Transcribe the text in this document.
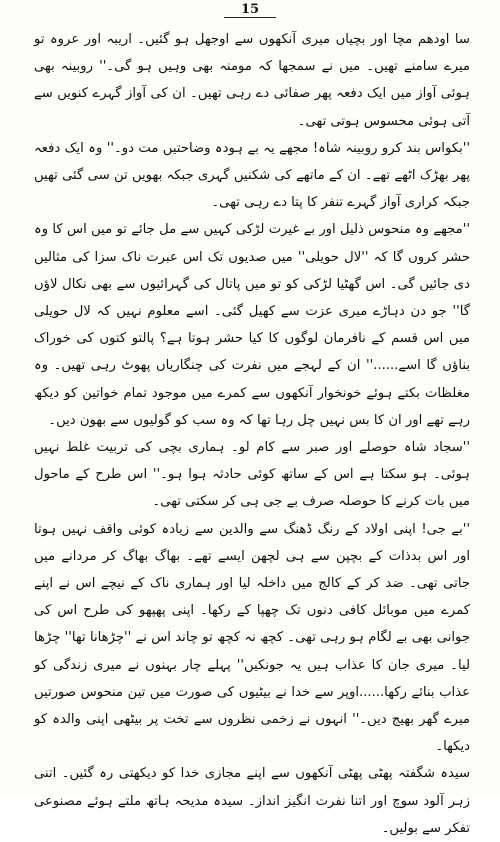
15

سا اودھم مچا اور بچیاں میری آنکھوں سے اوجھل ہو گئیں۔ اریبہ اور عروہ تو میرے سامنے تھیں۔ میں نے سمجھا کہ مومنہ بھی وہیں ہو گی۔'' روبینہ بھی ہوئی آواز میں ایک دفعہ پھر صفائی دے رہی تھیں۔ ان کی آواز گہرے کنویں سے آتی ہوئی محسوس ہوتی تھی۔

''بکواس بند کرو روبینہ شاہ! مجھے یہ بے ہودہ وضاحتیں مت دو۔'' وہ ایک دفعہ پھر بھڑک اٹھے تھے۔ ان کے ماتھے کی شکنیں گہری جبکہ بھویں تن سی گئی تھیں جبکہ کراری آواز گہرے تنفر کا پتا دے رہی تھی۔

''مجھے وہ منحوس ذلیل اور بے غیرت لڑکی کہیں سے مل جائے تو میں اس کا وہ حشر کروں گا کہ ''لال حویلی'' میں صدیوں تک اس عبرت ناک سزا کی مثالیں دی جائیں گی۔ اس گھٹیا لڑکی کو تو میں پاتال کی گہرائیوں سے بھی نکال لاؤں گا'' جو دن دہاڑے میری عزت سے کھیل گئی۔ اسے معلوم نہیں کہ لال حویلی میں اس قسم کے نافرمان لوگوں کا کیا حشر ہوتا ہے؟ پالتو کتوں کی خوراک بناؤں گا اسے......'' ان کے لہجے میں نفرت کی چنگاریاں پھوٹ رہی تھیں۔ وہ مغلظات بکتے ہوئے خونخوار آنکھوں سے کمرے میں موجود تمام خواتین کو دیکھ رہے تھے اور ان کا بس نہیں چل رہا تھا کہ وہ سب کو گولیوں سے بھون دیں۔

''سجاد شاہ حوصلے اور صبر سے کام لو۔ ہماری بچی کی تربیت غلط نہیں ہوئی۔ ہو سکتا ہے اس کے ساتھ کوئی حادثہ ہوا ہو۔'' اس طرح کے ماحول میں بات کرنے کا حوصلہ صرف بے جی ہی کر سکتی تھی۔

''بے جی! اپنی اولاد کے رنگ ڈھنگ سے والدین سے زیادہ کوئی واقف نہیں ہوتا اور اس بدذات کے بچپن سے ہی لچھن ایسے تھے۔ بھاگ بھاگ کر مردانے میں جاتی تھی۔ ضد کر کے کالج میں داخلہ لیا اور ہماری ناک کے نیچے اس نے اپنے کمرے میں موبائل کافی دنوں تک چھپا کے رکھا۔ اپنی پھپھو کی طرح اس کی جوانی بھی بے لگام ہو رہی تھی۔ کچھ نہ کچھ تو چاند اس نے ''چڑھانا تھا'' چڑھا لیا۔ میری جان کا عذاب ہیں یہ جونکیں'' پہلے چار بہنوں نے میری زندگی کو عذاب بنائے رکھا......اوپر سے خدا نے بیٹیوں کی صورت میں تین منحوس صورتیں میرے گھر بھیج دیں۔'' انہوں نے زخمی نظروں سے تخت پر بیٹھی اپنی والدہ کو دیکھا۔

سیدہ شگفتہ پھٹی پھٹی آنکھوں سے اپنے مجازی خدا کو دیکھتی رہ گئیں۔ اتنی زہر آلود سوچ اور اتنا نفرت انگیز انداز۔ سیدہ مدیحہ ہاتھ ملتے ہوئے مصنوعی تفکر سے بولیں۔
